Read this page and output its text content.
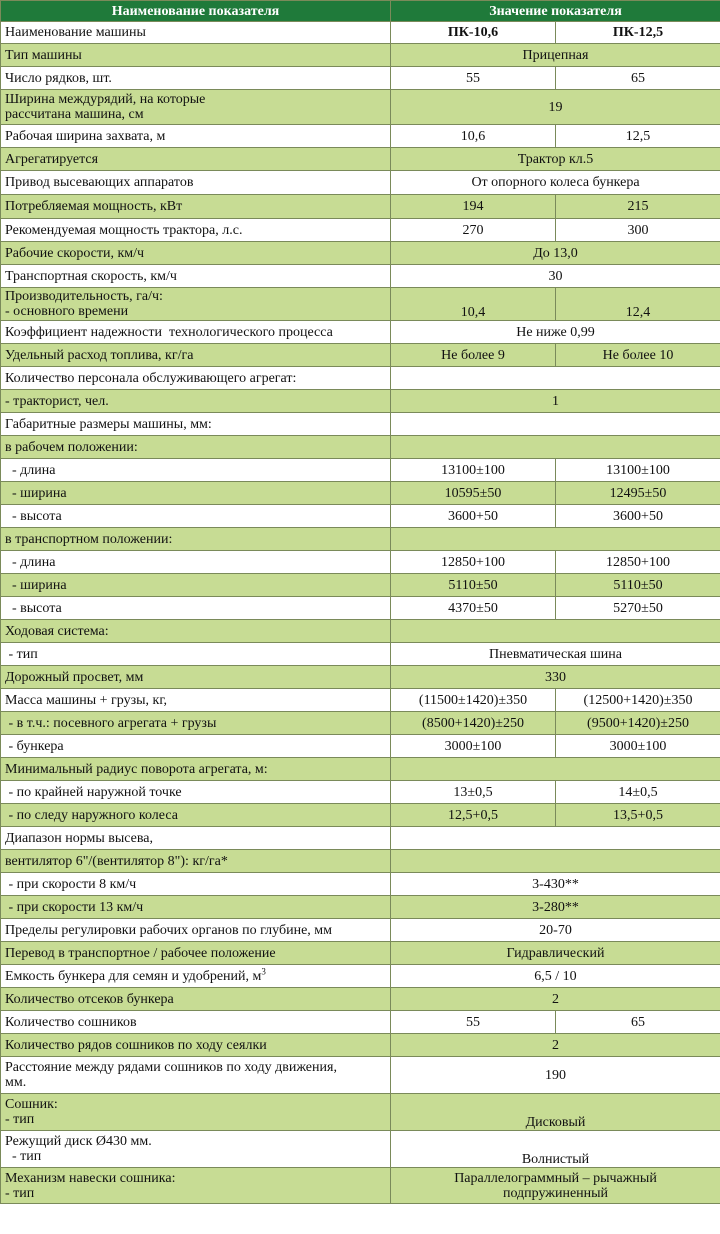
Наименование показателя	Значение показателя	
Наименование машины	ПК-10,6	ПК-12,5
Тип машины	Прицепная	
Число рядков, шт.	55	65
Ширина междурядий, на которые
рассчитана машина, см	19	
Рабочая ширина захвата, м	10,6	12,5
Агрегатируется	Трактор кл.5	
Привод высевающих аппаратов	От опорного колеса бункера	
Потребляемая мощность, кВт	194	215
Рекомендуемая мощность трактора, л.с.	270	300
Рабочие скорости, км/ч	До 13,0	
Транспортная скорость, км/ч	30	
Производительность, га/ч:
- основного времени	10,4	12,4
Коэффициент надежности  технологического процесса	Не ниже 0,99	
Удельный расход топлива, кг/га	Не более 9	Не более 10
Количество персонала обслуживающего агрегат:		
- тракторист, чел.	1	
Габаритные размеры машины, мм:		
в рабочем положении:		
- длина	13100±100	13100±100
- ширина	10595±50	12495±50
- высота	3600+50	3600+50
в транспортном положении:		
- длина	12850+100	12850+100
- ширина	5110±50	5110±50
- высота	4370±50	5270±50
Ходовая система:		
- тип	Пневматическая шина	
Дорожный просвет, мм	330	
Масса машины + грузы, кг,	(11500±1420)±350	(12500+1420)±350
- в т.ч.: посевного агрегата + грузы	(8500+1420)±250	(9500+1420)±250
- бункера	3000±100	3000±100
Минимальный радиус поворота агрегата, м:		
- по крайней наружной точке	13±0,5	14±0,5
- по следу наружного колеса	12,5+0,5	13,5+0,5
Диапазон нормы высева,		
вентилятор 6"/(вентилятор 8"): кг/га*		
- при скорости 8 км/ч	3-430**	
- при скорости 13 км/ч	3-280**	
Пределы регулировки рабочих органов по глубине, мм	20-70	
Перевод в транспортное / рабочее положение	Гидравлический	
Емкость бункера для семян и удобрений, $м^3$	6,5 / 10	
Количество отсеков бункера	2	
Количество сошников	55	65
Количество рядов сошников по ходу сеялки	2	
Расстояние между рядами сошников по ходу движения,
мм.	190	
Сошник:
- тип	Дисковый	
Режущий диск Ø430 мм.
- тип	Волнистый	
Механизм навески сошника:
- тип	Параллелограммный – рычажный
подпружиненный	
